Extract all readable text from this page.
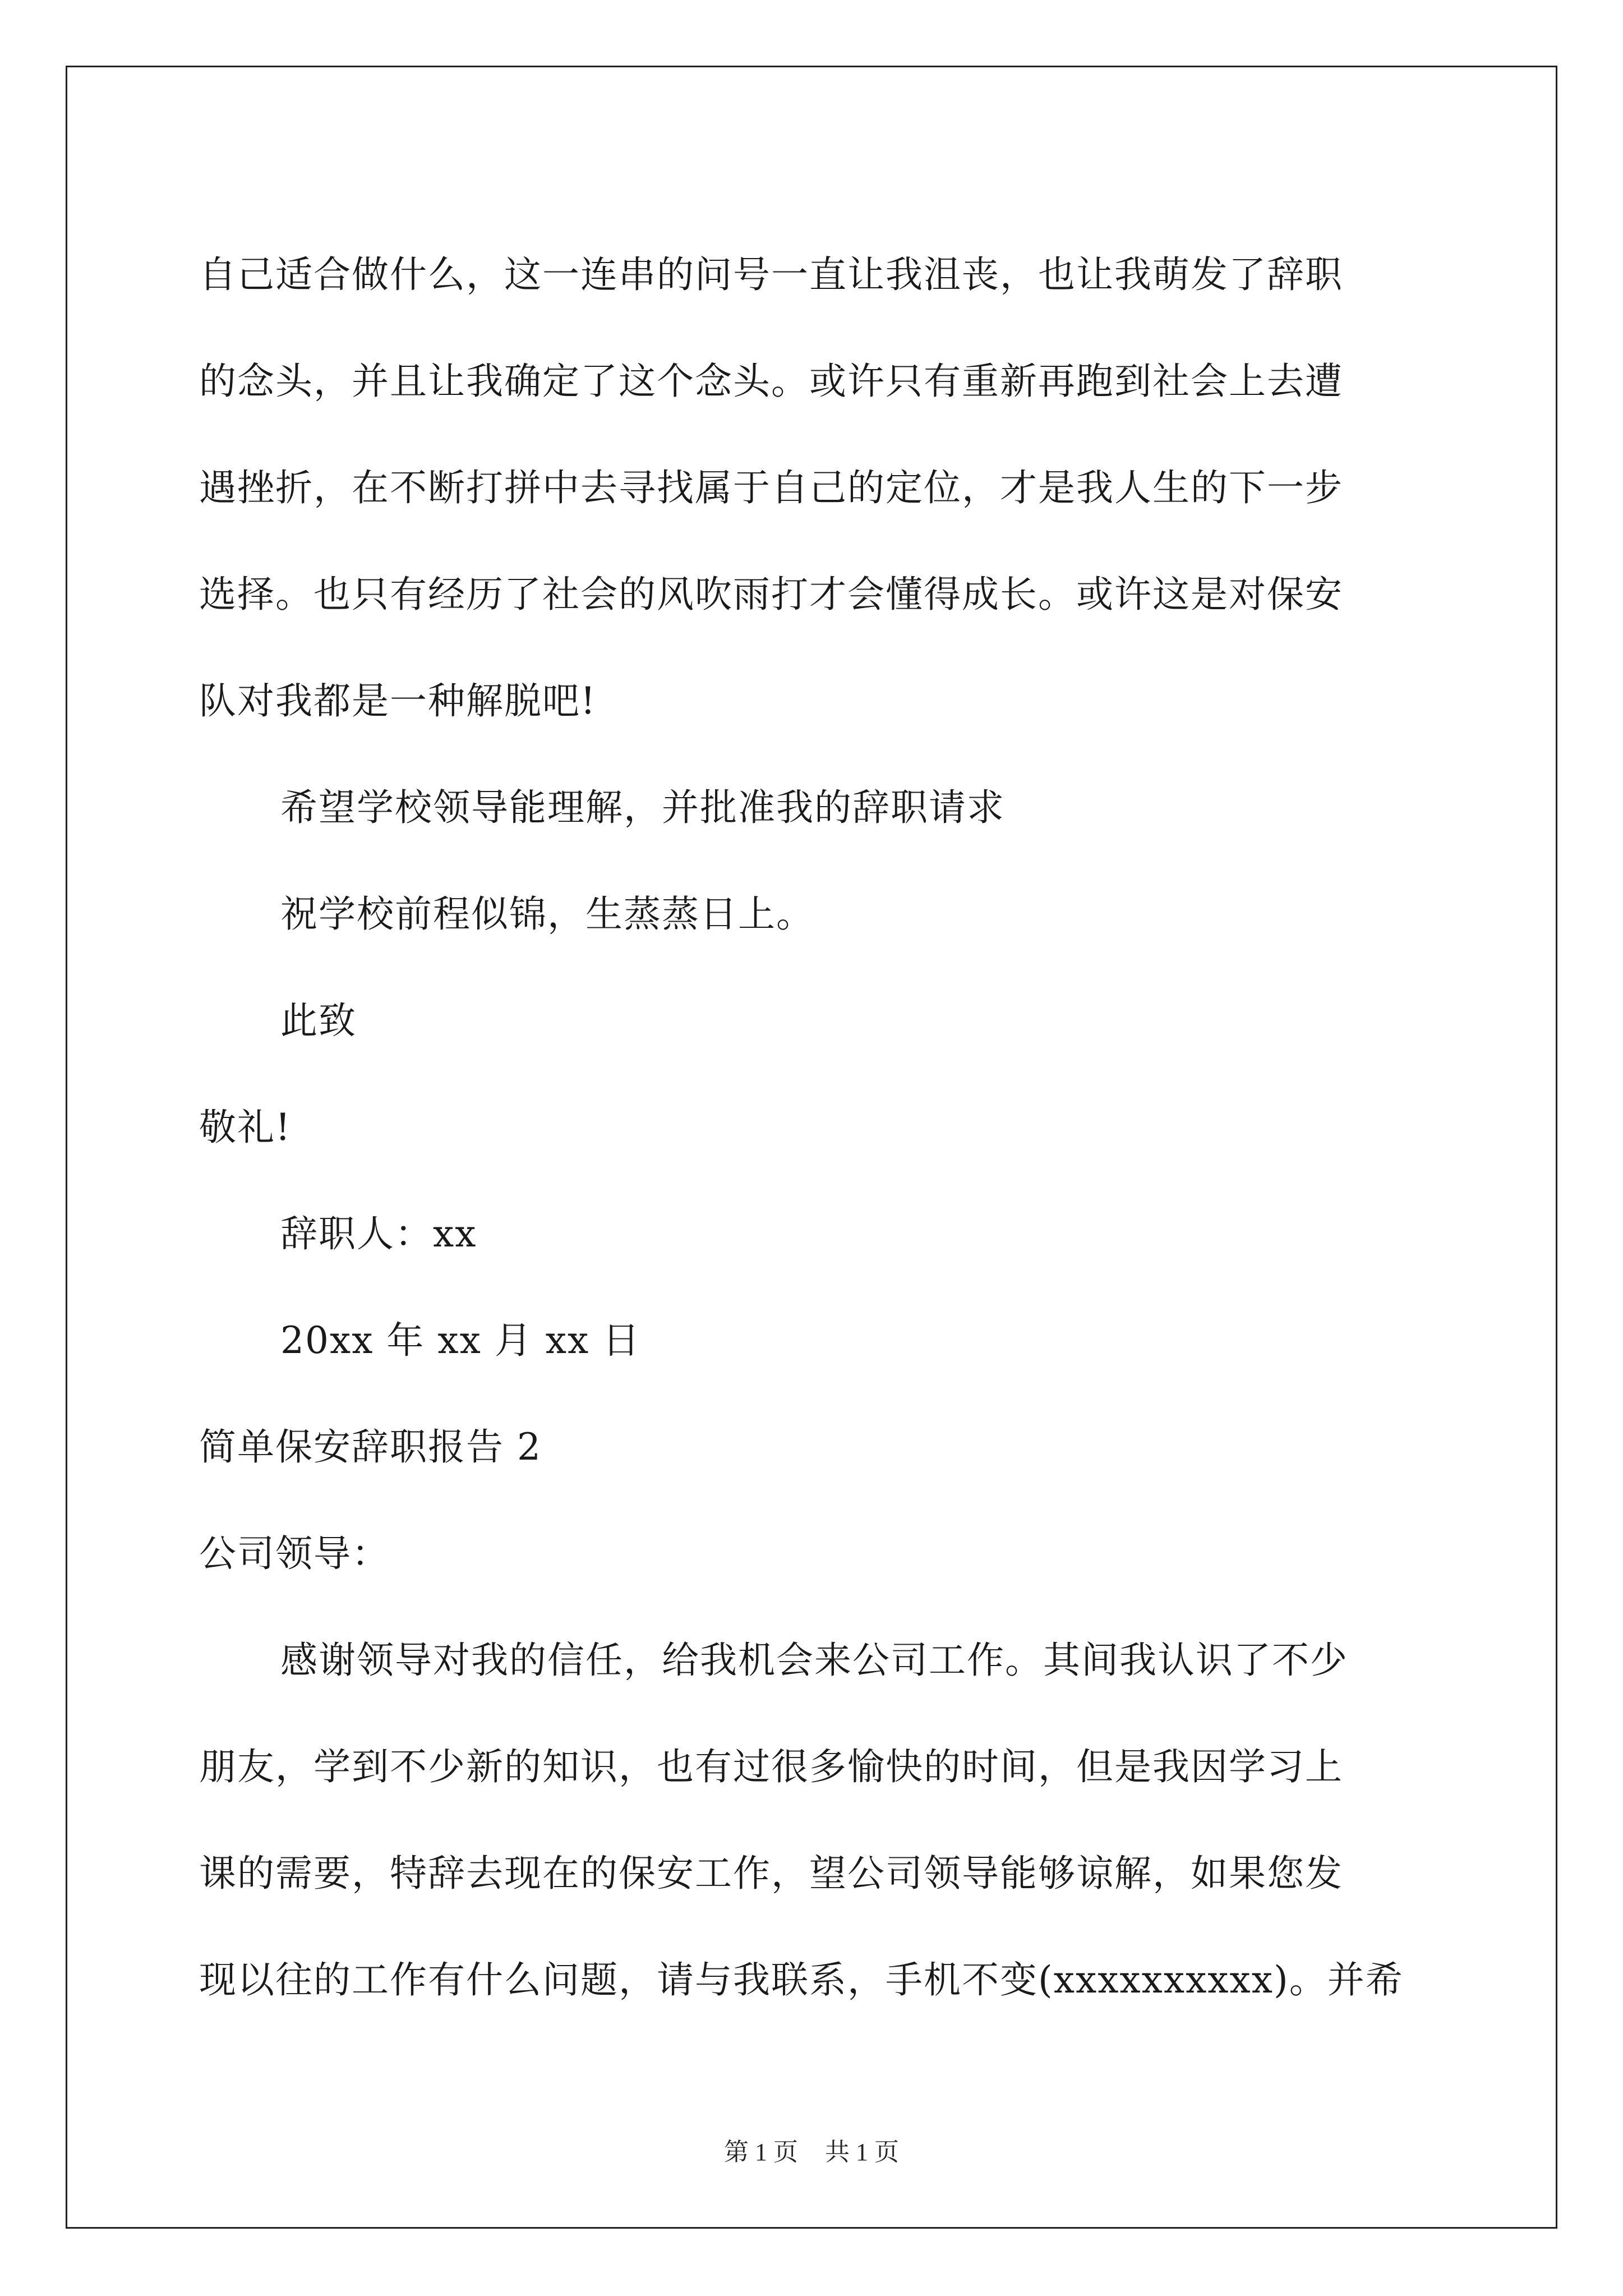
自己适合做什么，这一连串的问号一直让我沮丧，也让我萌发了辞职
的念头，并且让我确定了这个念头。或许只有重新再跑到社会上去遭
遇挫折，在不断打拼中去寻找属于自己的定位，才是我人生的下一步
选择。也只有经历了社会的风吹雨打才会懂得成长。或许这是对保安
队对我都是一种解脱吧!
希望学校领导能理解，并批准我的辞职请求
祝学校前程似锦，生蒸蒸日上。
此致
敬礼!
辞职人：xx
20xx 年 xx 月 xx 日
简单保安辞职报告 2
公司领导：
感谢领导对我的信任，给我机会来公司工作。其间我认识了不少
朋友，学到不少新的知识，也有过很多愉快的时间，但是我因学习上
课的需要，特辞去现在的保安工作，望公司领导能够谅解，如果您发
现以往的工作有什么问题，请与我联系，手机不变(xxxxxxxxxx)。并希
第 1 页 共 1 页
